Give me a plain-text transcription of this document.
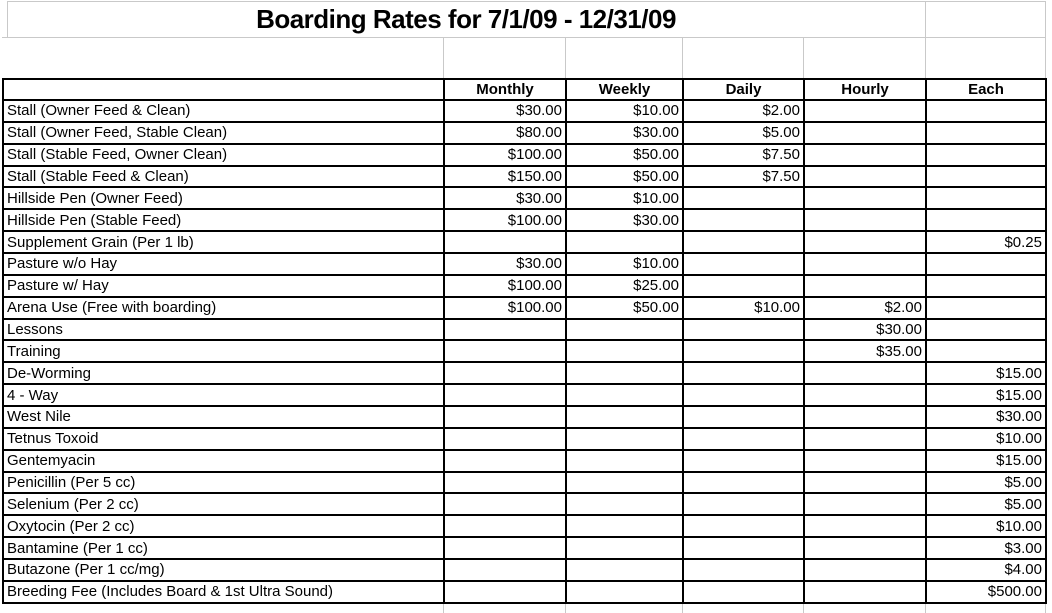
Boarding Rates for 7/1/09 - 12/31/09
	Monthly	Weekly	Daily	Hourly	Each
Stall (Owner Feed & Clean)	$30.00	$10.00	$2.00		
Stall (Owner Feed, Stable Clean)	$80.00	$30.00	$5.00		
Stall (Stable Feed, Owner Clean)	$100.00	$50.00	$7.50		
Stall (Stable Feed & Clean)	$150.00	$50.00	$7.50		
Hillside Pen (Owner Feed)	$30.00	$10.00			
Hillside Pen (Stable Feed)	$100.00	$30.00			
Supplement Grain (Per 1 lb)					$0.25
Pasture w/o Hay	$30.00	$10.00			
Pasture w/ Hay	$100.00	$25.00			
Arena Use (Free with boarding)	$100.00	$50.00	$10.00	$2.00	
Lessons				$30.00	
Training				$35.00	
De-Worming					$15.00
4 - Way					$15.00
West Nile					$30.00
Tetnus Toxoid					$10.00
Gentemyacin					$15.00
Penicillin (Per 5 cc)					$5.00
Selenium (Per 2 cc)					$5.00
Oxytocin (Per 2 cc)					$10.00
Bantamine (Per 1 cc)					$3.00
Butazone (Per 1 cc/mg)					$4.00
Breeding Fee (Includes Board & 1st Ultra Sound)					$500.00
